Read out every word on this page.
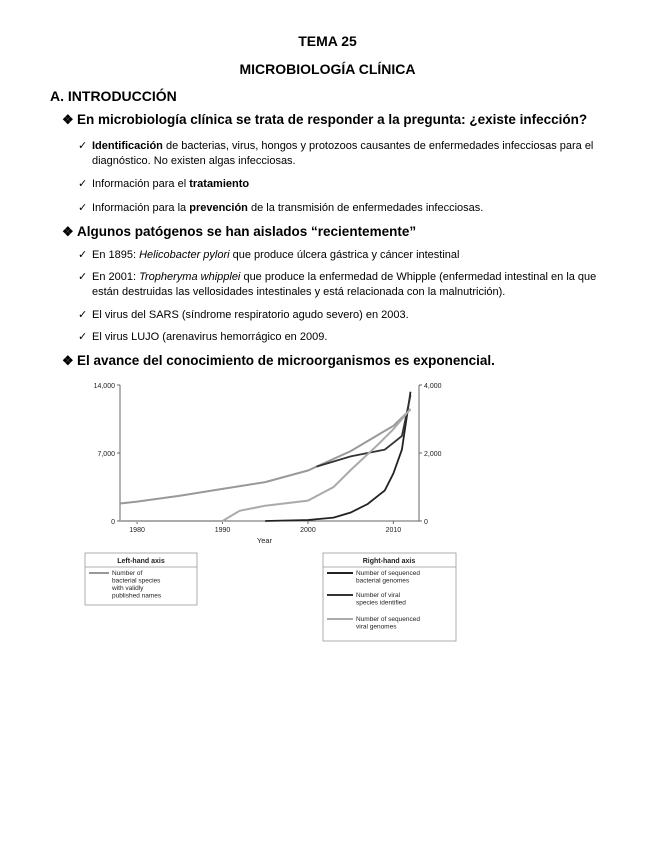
TEMA 25
MICROBIOLOGÍA CLÍNICA
A. INTRODUCCIÓN
❖ En microbiología clínica se trata de responder a la pregunta: ¿existe infección?
✓ Identificación de bacterias, virus, hongos y protozoos causantes de enfermedades infecciosas para el diagnóstico. No existen algas infecciosas.
✓ Información para el tratamiento
✓ Información para la prevención de la transmisión de enfermedades infecciosas.
❖ Algunos patógenos se han aislados “recientemente”
✓ En 1895: Helicobacter pylori que produce úlcera gástrica y cáncer intestinal
✓ En 2001: Tropheryma whipplei que produce la enfermedad de Whipple (enfermedad intestinal en la que están destruidas las vellosidades intestinales y está relacionada con la malnutrición).
✓ El virus del SARS (síndrome respiratorio agudo severo) en 2003.
✓ El virus LUJO (arenavirus hemorrágico en 2009.
❖ El avance del conocimiento de microorganismos es exponencial.
0
7,000
14,000
0
2,000
4,000
1980	1990	2000	2010
Year
Left-hand axis
Number of bacterial species with validly published names
Right-hand axis
Number of sequenced bacterial genomes
Number of viral species identified
Number of sequenced viral genomes
